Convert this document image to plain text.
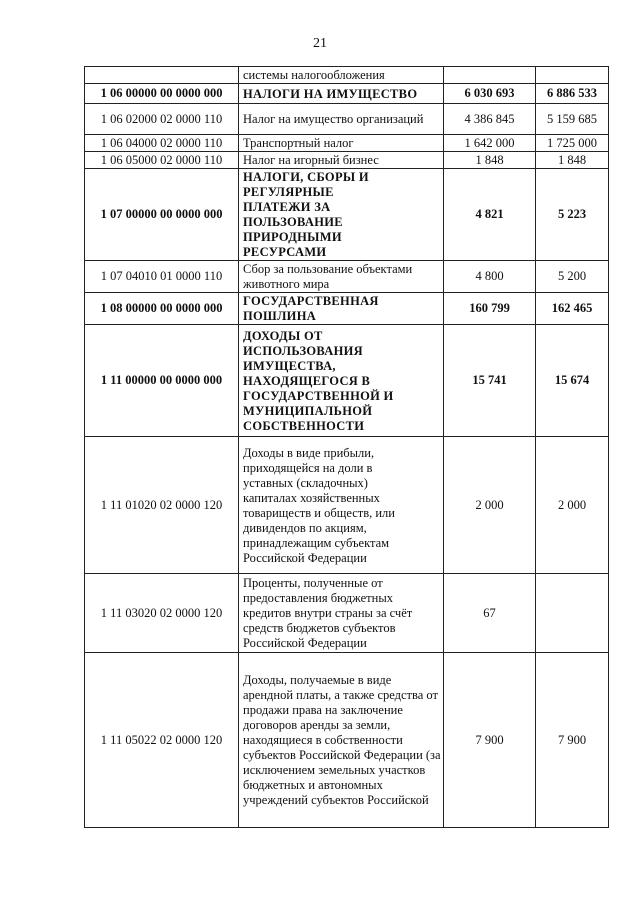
21
	системы налогообложения		
1 06 00000 00 0000 000	НАЛОГИ НА ИМУЩЕСТВО	6 030 693	6 886 533
1 06 02000 02 0000 110	Налог на имущество организаций	4 386 845	5 159 685
1 06 04000 02 0000 110	Транспортный налог	1 642 000	1 725 000
1 06 05000 02 0000 110	Налог на игорный бизнес	1 848	1 848
1 07 00000 00 0000 000	НАЛОГИ, СБОРЫ И РЕГУЛЯРНЫЕ ПЛАТЕЖИ ЗА ПОЛЬЗОВАНИЕ ПРИРОДНЫМИ РЕСУРСАМИ	4 821	5 223
1 07 04010 01 0000 110	Сбор за пользование объектами животного мира	4 800	5 200
1 08 00000 00 0000 000	ГОСУДАРСТВЕННАЯ ПОШЛИНА	160 799	162 465
1 11 00000 00 0000 000	ДОХОДЫ ОТ ИСПОЛЬЗОВАНИЯ ИМУЩЕСТВА, НАХОДЯЩЕГОСЯ В ГОСУДАРСТВЕННОЙ И МУНИЦИПАЛЬНОЙ СОБСТВЕННОСТИ	15 741	15 674
1 11 01020 02 0000 120	Доходы в виде прибыли, приходящейся на доли в уставных (складочных) капиталах хозяйственных товариществ и обществ, или дивидендов по акциям, принадлежащим субъектам Российской Федерации	2 000	2 000
1 11 03020 02 0000 120	Проценты, полученные от предоставления бюджетных кредитов внутри страны за счёт средств бюджетов субъектов Российской Федерации	67	
1 11 05022 02 0000 120	Доходы, получаемые в виде арендной платы, а также средства от продажи права на заключение договоров аренды за земли, находящиеся в собственности субъектов Российской Федерации (за исключением земельных участков бюджетных и автономных учреждений субъектов Российской	7 900	7 900
